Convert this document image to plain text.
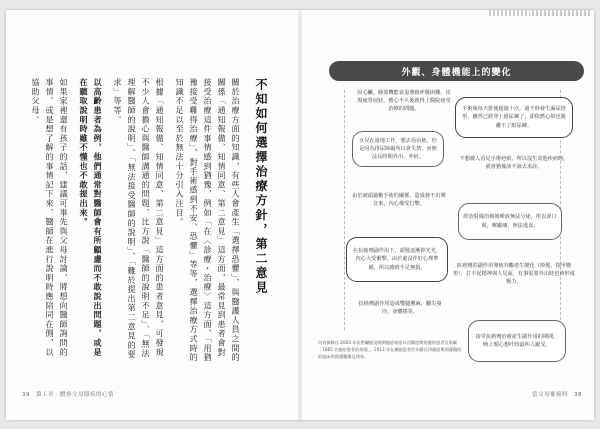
不知如何選擇治療方針，第二意見

關於治療方面的知識，有些人會產生「選擇恐懼」，與醫護人員之間的關係「通知報備、知情同意、第二意見」這方面，最常見到患者會對接受治療這件事情感到猶豫，例如「在〈診療・治療〉這方面，「用猶豫接受難得治療」，對手術感到不安、恐懼」等等，選擇治療方式時的知識不足以至於無法十分引入注目。

根據「通知報備、知情同意、第二意見」這方面的患者意見，可發現不少人會擔心與醫師溝通的問題，比方說「醫師的說明不足」、「無法理解醫師的說明」、「無法接受醫師的說明」、「難於提出第二意見的要求」等等。

以高齡患者為例，他們通常對醫師會有所顧慮而不敢說出問題，或是在聽取說明時雖不懂也不敢提出來。

如果家裡還有孩子的話，建議可事先與父母討論，將想向醫師詢問的事情、或是想了解的事情記下來，醫師在進行說明時應陪同在側，以協助父母。

39　第１章　體察父母隱疾的心情
外觀、身體機能上的變化
因心臟、肺部機能衰退導致呼吸困難，出現疲勞症狀，擔心不久後就得上醫院接受治療的問題。	手術後每天排便超過十次，還不時發生漏尿情形，雖然已經穿上紙尿褲了，卻依舊心煩也脫離不了紙尿褲。
女兒在還地工作，想去看看她，但是因為排尿障礙所以會失禁，而無法長時間外出、外宿。	不想被人看見手術疤痕，所以沒生其他疾病時，就會猶豫該不該去求診。
由於被頭過勸手術的關係，造成發不出聲音來，內心備受打擊。
經放射線治療後唾液無法分泌，所以會口渴，喉嚨痛，無法進食。
在抗癌劑副作用下，頭髮逐漸掉光光，內心大受衝擊，由於還沒作好心理準備，所以感到手足無措。	抗癌劑的副作用導致外觀產生變化（掉髮、指甲變形），打不起精神與人見面，有事需要外出時也會形成壓力。
抗癌劑副作用造成雙腿腫麻，腳尖發冷，身體搖晃。
接受抗癌劑治療產生副作用的期間，晚上噁心想吐時最叫人厭受。
內容摘錄自 2003 年針對屬癌及晚期癌症或症以回醫度期照護的患者及家屬「1665 名癌症患者的煩惱」，2013 年在屬癌患者的年齡比四顏面與照護醫院的臨床的照護醫療及問卷。
當父母罹癌時　38
